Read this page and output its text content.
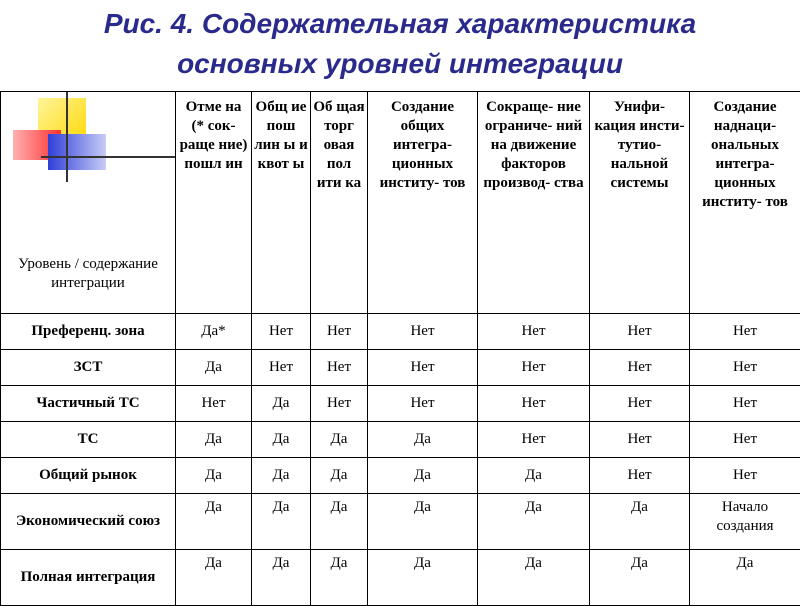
Рис. 4. Содержательная характеристика
основных уровней интеграции
Уровень / содержание интеграции	Отме на (* сок- раще ние) пошл ин	Общ ие пош лин ы и квот ы	Об щая торг овая пол ити ка	Создание общих интегра- ционных институ- тов	Сокраще- ние ограниче- ний на движение факторов производ- ства	Унифи- кация инсти- тутио- нальной системы	Создание наднаци- ональных интегра- ционных институ- тов
Преференц. зона	Да*	Нет	Нет	Нет	Нет	Нет	Нет
ЗСТ	Да	Нет	Нет	Нет	Нет	Нет	Нет
Частичный ТС	Нет	Да	Нет	Нет	Нет	Нет	Нет
ТС	Да	Да	Да	Да	Нет	Нет	Нет
Общий рынок	Да	Да	Да	Да	Да	Нет	Нет
Экономический союз	Да	Да	Да	Да	Да	Да	Начало создания
Полная интеграция	Да	Да	Да	Да	Да	Да	Да
